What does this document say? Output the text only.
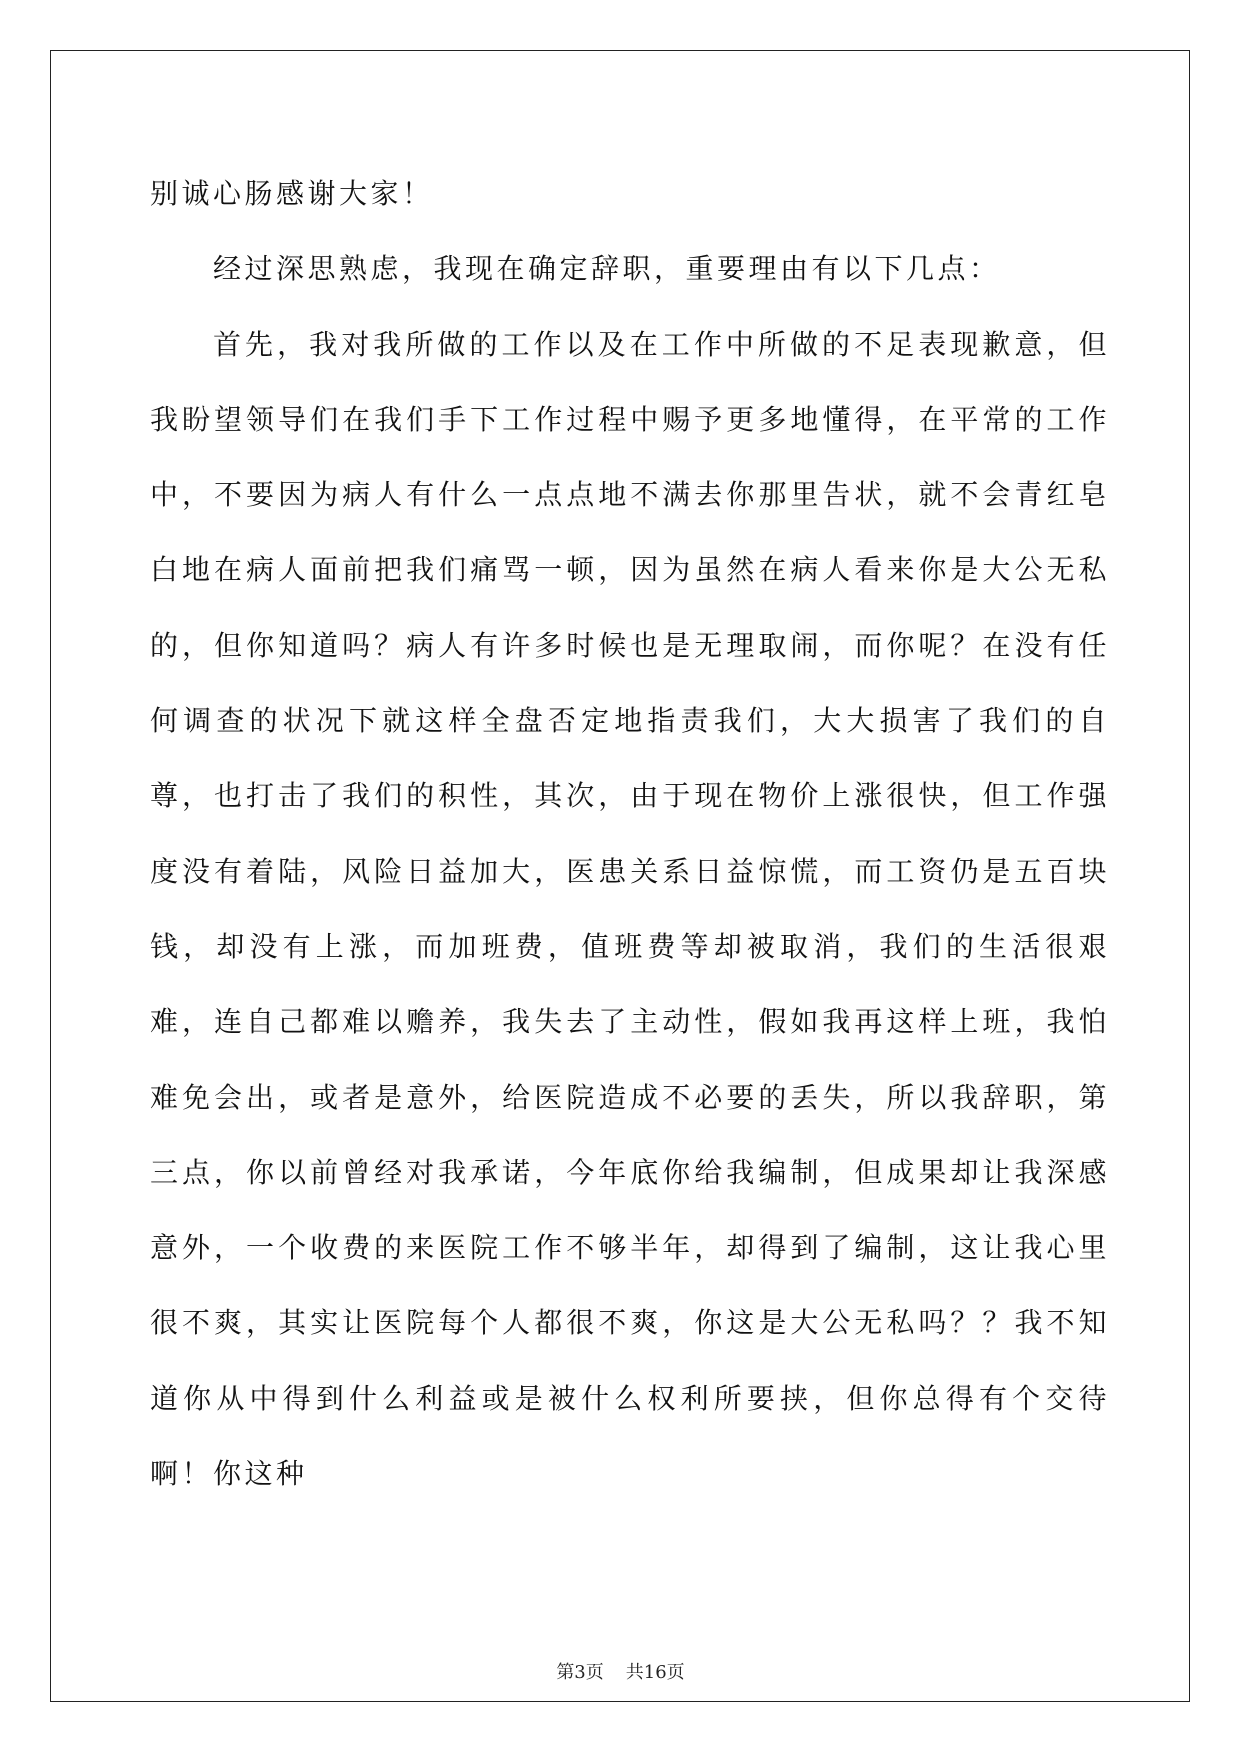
别诚心肠感谢大家！

经过深思熟虑，我现在确定辞职，重要理由有以下几点：

首先，我对我所做的工作以及在工作中所做的不足表现歉意，但我盼望领导们在我们手下工作过程中赐予更多地懂得，在平常的工作中，不要因为病人有什么一点点地不满去你那里告状，就不会青红皂白地在病人面前把我们痛骂一顿，因为虽然在病人看来你是大公无私的，但你知道吗？病人有许多时候也是无理取闹，而你呢？在没有任何调查的状况下就这样全盘否定地指责我们，大大损害了我们的自尊，也打击了我们的积性，其次，由于现在物价上涨很快，但工作强度没有着陆，风险日益加大，医患关系日益惊慌，而工资仍是五百块钱，却没有上涨，而加班费，值班费等却被取消，我们的生活很艰难，连自己都难以赡养，我失去了主动性，假如我再这样上班，我怕难免会出，或者是意外，给医院造成不必要的丢失，所以我辞职，第三点，你以前曾经对我承诺，今年底你给我编制，但成果却让我深感意外，一个收费的来医院工作不够半年，却得到了编制，这让我心里很不爽，其实让医院每个人都很不爽，你这是大公无私吗？？我不知道你从中得到什么利益或是被什么权利所要挟，但你总得有个交待啊！你这种

第3页 共16页
